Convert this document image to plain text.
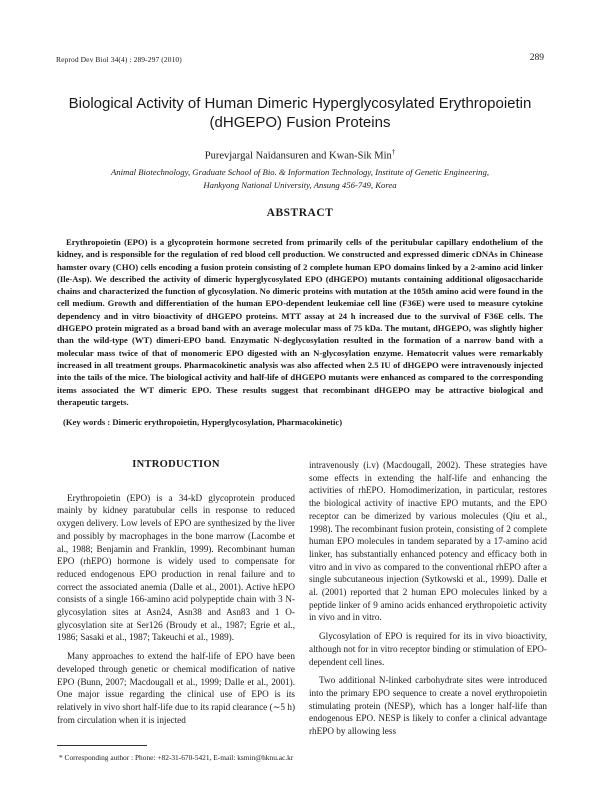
Reprod Dev Biol 34(4) : 289-297 (2010)	289
Biological Activity of Human Dimeric Hyperglycosylated Erythropoietin
(dHGEPO) Fusion Proteins
Purevjargal Naidansuren and Kwan-Sik Min†
Animal Biotechnology, Graduate School of Bio. & Information Technology, Institute of Genetic Engineering,
Hankyong National University, Ansung 456-749, Korea
ABSTRACT

Erythropoietin (EPO) is a glycoprotein hormone secreted from primarily cells of the peritubular capillary endothelium of the kidney, and is responsible for the regulation of red blood cell production. We constructed and expressed dimeric cDNAs in Chinease hamster ovary (CHO) cells encoding a fusion protein consisting of 2 complete human EPO domains linked by a 2-amino acid linker (Ile-Asp). We described the activity of dimeric hyperglycosylated EPO (dHGEPO) mutants containing additional oligosaccharide chains and characterized the function of glycosylation. No dimeric proteins with mutation at the 105th amino acid were found in the cell medium. Growth and differentiation of the human EPO-dependent leukemiae cell line (F36E) were used to measure cytokine dependency and in vitro bioactivity of dHGEPO proteins. MTT assay at 24 h increased due to the survival of F36E cells. The dHGEPO protein migrated as a broad band with an average molecular mass of 75 kDa. The mutant, dHGEPO, was slightly higher than the wild-type (WT) dimeri-EPO band. Enzymatic N-deglycosylation resulted in the formation of a narrow band with a molecular mass twice of that of monomeric EPO digested with an N-glycosylation enzyme. Hematocrit values were remarkably increased in all treatment groups. Pharmacokinetic analysis was also affected when 2.5 IU of dHGEPO were intravenously injected into the tails of the mice. The biological activity and half-life of dHGEPO mutants were enhanced as compared to the corresponding items associated the WT dimeric EPO. These results suggest that recombinant dHGEPO may be attractive biological and therapeutic targets.

(Key words : Dimeric erythropoietin, Hyperglycosylation, Pharmacokinetic)
INTRODUCTION

Erythropoietin (EPO) is a 34-kD glycoprotein produced mainly by kidney paratubular cells in response to reduced oxygen delivery. Low levels of EPO are synthesized by the liver and possibly by macrophages in the bone marrow (Lacombe et al., 1988; Benjamin and Franklin, 1999). Recombinant human EPO (rhEPO) hormone is widely used to compensate for reduced endogenous EPO production in renal failure and to correct the associated anemia (Dalle et al., 2001). Active hEPO consists of a single 166-amino acid polypeptide chain with 3 N-glycosylation sites at Asn24, Asn38 and Asn83 and 1 O-glycosylation site at Ser126 (Broudy et al., 1987; Egrie et al., 1986; Sasaki et al., 1987; Takeuchi et al., 1989).

Many approaches to extend the half-life of EPO have been developed through genetic or chemical modification of native EPO (Bunn, 2007; Macdougall et al., 1999; Dalle et al., 2001). One major issue regarding the clinical use of EPO is its relatively in vivo short half-life due to its rapid clearance (∼5 h) from circulation when it is injected

intravenously (i.v) (Macdougall, 2002). These strategies have some effects in extending the half-life and enhancing the activities of rhEPO. Homodimerization, in particular, restores the biological activity of inactive EPO mutants, and the EPO receptor can be dimerized by various molecules (Qiu et al., 1998). The recombinant fusion protein, consisting of 2 complete human EPO molecules in tandem separated by a 17-amino acid linker, has substantially enhanced potency and efficacy both in vitro and in vivo as compared to the conventional rhEPO after a single subcutaneous injection (Sytkowski et al., 1999). Dalle et al. (2001) reported that 2 human EPO molecules linked by a peptide linker of 9 amino acids enhanced erythropoietic activity in vivo and in vitro.

Glycosylation of EPO is required for its in vivo bioactivity, although not for in vitro receptor binding or stimulation of EPO-dependent cell lines.

Two additional N-linked carbohydrate sites were introduced into the primary EPO sequence to create a novel erythropoietin stimulating protein (NESP), which has a longer half-life than endogenous EPO. NESP is likely to confer a clinical advantage rhEPO by allowing less

* Corresponding author : Phone: +82-31-670-5421, E-mail: ksmin@hknu.ac.kr
